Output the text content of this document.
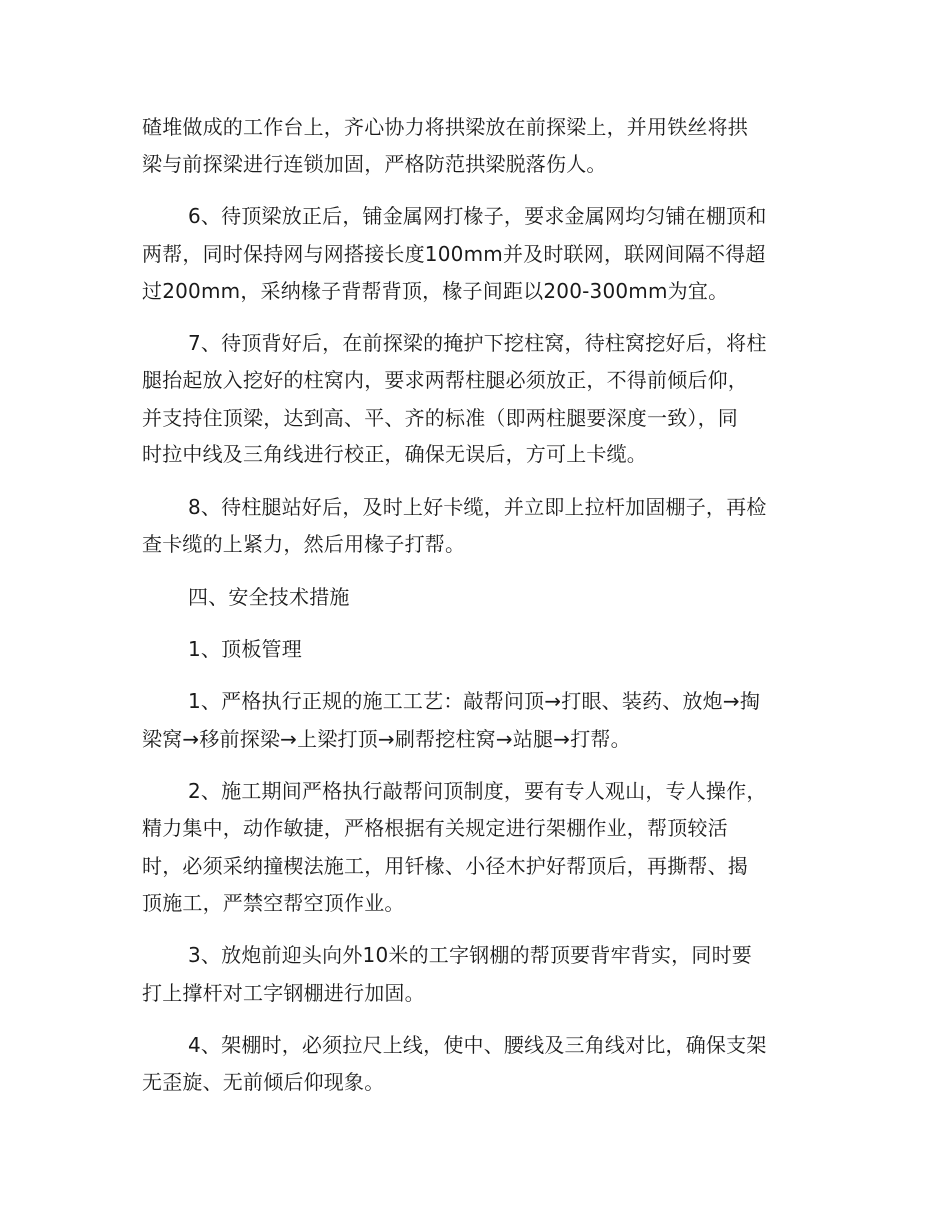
碴堆做成的工作台上，齐心协力将拱梁放在前探梁上，并用铁丝将拱
梁与前探梁进行连锁加固，严格防范拱梁脱落伤人。
6、待顶梁放正后，铺金属网打椽子，要求金属网均匀铺在棚顶和
两帮，同时保持网与网搭接长度100mm并及时联网，联网间隔不得超
过200mm，采纳椽子背帮背顶，椽子间距以200-300mm为宜。
7、待顶背好后，在前探梁的掩护下挖柱窝，待柱窝挖好后，将柱
腿抬起放入挖好的柱窝内，要求两帮柱腿必须放正，不得前倾后仰，
并支持住顶梁，达到高、平、齐的标准（即两柱腿要深度一致），同
时拉中线及三角线进行校正，确保无误后，方可上卡缆。
8、待柱腿站好后，及时上好卡缆，并立即上拉杆加固棚子，再检
查卡缆的上紧力，然后用椽子打帮。
四、安全技术措施
1、顶板管理
1、严格执行正规的施工工艺：敲帮问顶→打眼、装药、放炮→掏
梁窝→移前探梁→上梁打顶→刷帮挖柱窝→站腿→打帮。
2、施工期间严格执行敲帮问顶制度，要有专人观山，专人操作，
精力集中，动作敏捷，严格根据有关规定进行架棚作业，帮顶较活
时，必须采纳撞楔法施工，用钎椽、小径木护好帮顶后，再撕帮、揭
顶施工，严禁空帮空顶作业。
3、放炮前迎头向外10米的工字钢棚的帮顶要背牢背实，同时要
打上撑杆对工字钢棚进行加固。
4、架棚时，必须拉尺上线，使中、腰线及三角线对比，确保支架
无歪旋、无前倾后仰现象。
